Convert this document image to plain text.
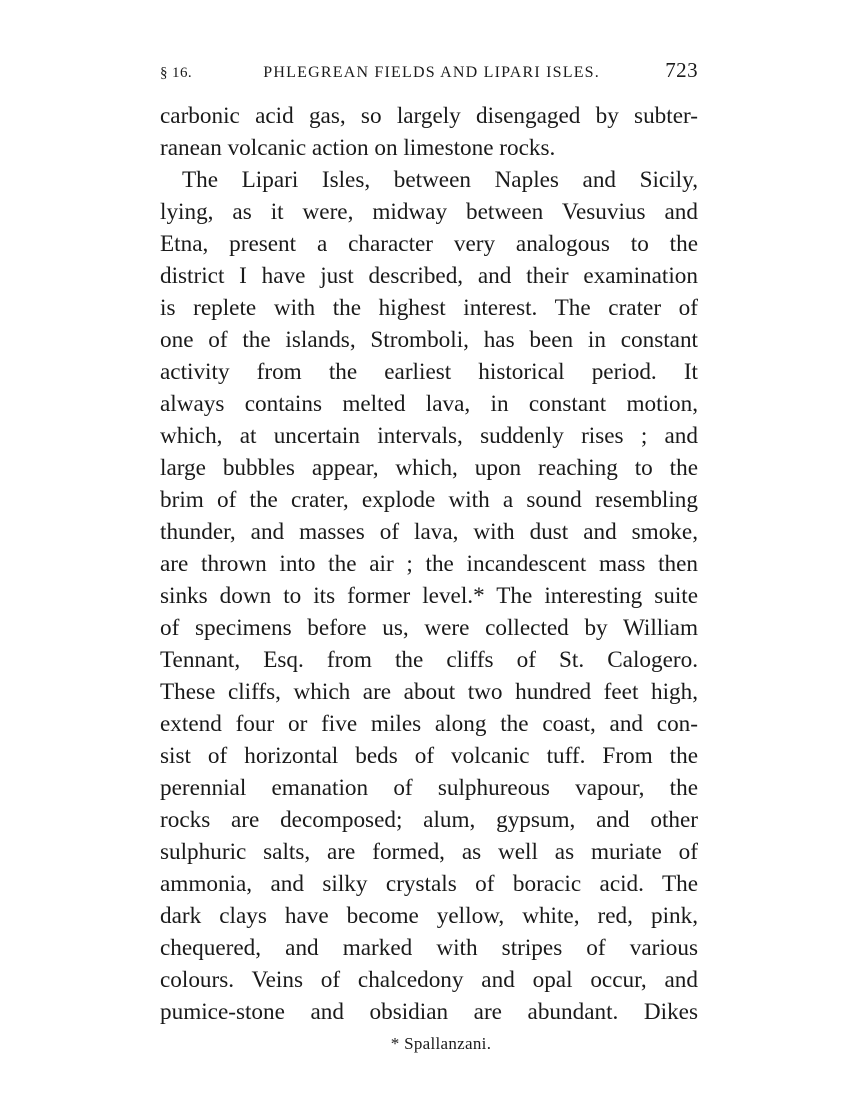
§ 16.	PHLEGREAN FIELDS AND LIPARI ISLES.	723
carbonic acid gas, so largely disengaged by subter-
ranean volcanic action on limestone rocks.
The Lipari Isles, between Naples and Sicily,
lying, as it were, midway between Vesuvius and
Etna, present a character very analogous to the
district I have just described, and their examination
is replete with the highest interest. The crater of
one of the islands, Stromboli, has been in constant
activity from the earliest historical period. It
always contains melted lava, in constant motion,
which, at uncertain intervals, suddenly rises ; and
large bubbles appear, which, upon reaching to the
brim of the crater, explode with a sound resembling
thunder, and masses of lava, with dust and smoke,
are thrown into the air ; the incandescent mass then
sinks down to its former level.* The interesting suite
of specimens before us, were collected by William
Tennant, Esq. from the cliffs of St. Calogero.
These cliffs, which are about two hundred feet high,
extend four or five miles along the coast, and con-
sist of horizontal beds of volcanic tuff. From the
perennial emanation of sulphureous vapour, the
rocks are decomposed; alum, gypsum, and other
sulphuric salts, are formed, as well as muriate of
ammonia, and silky crystals of boracic acid. The
dark clays have become yellow, white, red, pink,
chequered, and marked with stripes of various
colours. Veins of chalcedony and opal occur, and
pumice-stone and obsidian are abundant. Dikes
* Spallanzani.
